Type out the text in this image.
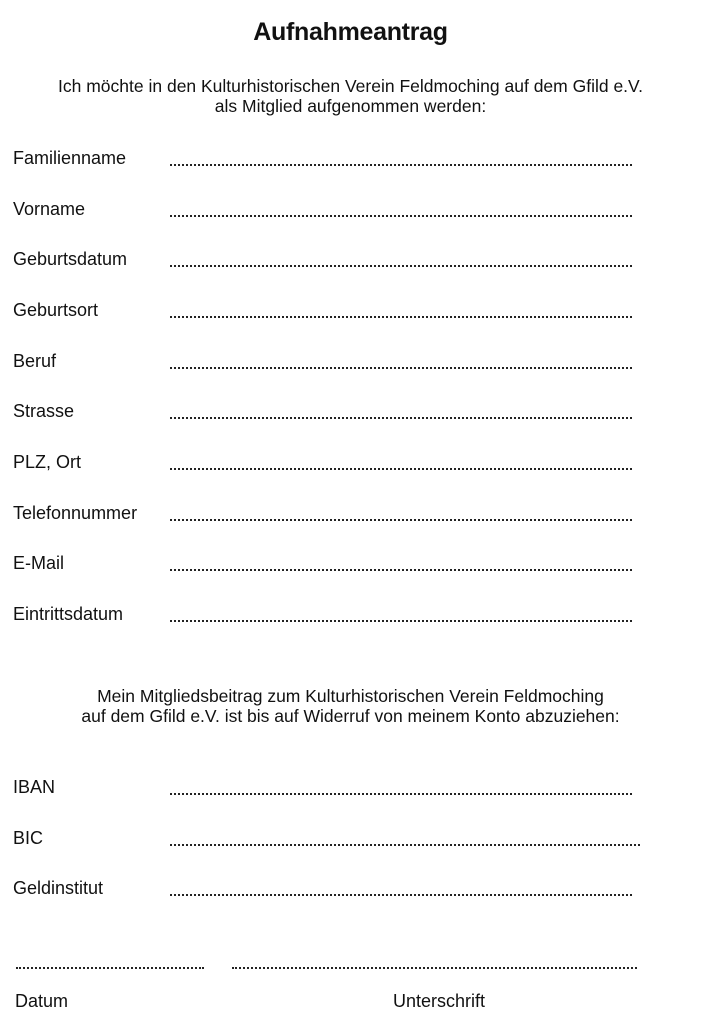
Aufnahmeantrag
Ich möchte in den Kulturhistorischen Verein Feldmoching auf dem Gfild e.V.
als Mitglied aufgenommen werden:
Familienname
Vorname
Geburtsdatum
Geburtsort
Beruf
Strasse
PLZ, Ort
Telefonnummer
E-Mail
Eintrittsdatum
Mein Mitgliedsbeitrag zum Kulturhistorischen Verein Feldmoching
auf dem Gfild e.V. ist bis auf Widerruf von meinem Konto abzuziehen:
IBAN
BIC
Geldinstitut
Datum	Unterschrift
